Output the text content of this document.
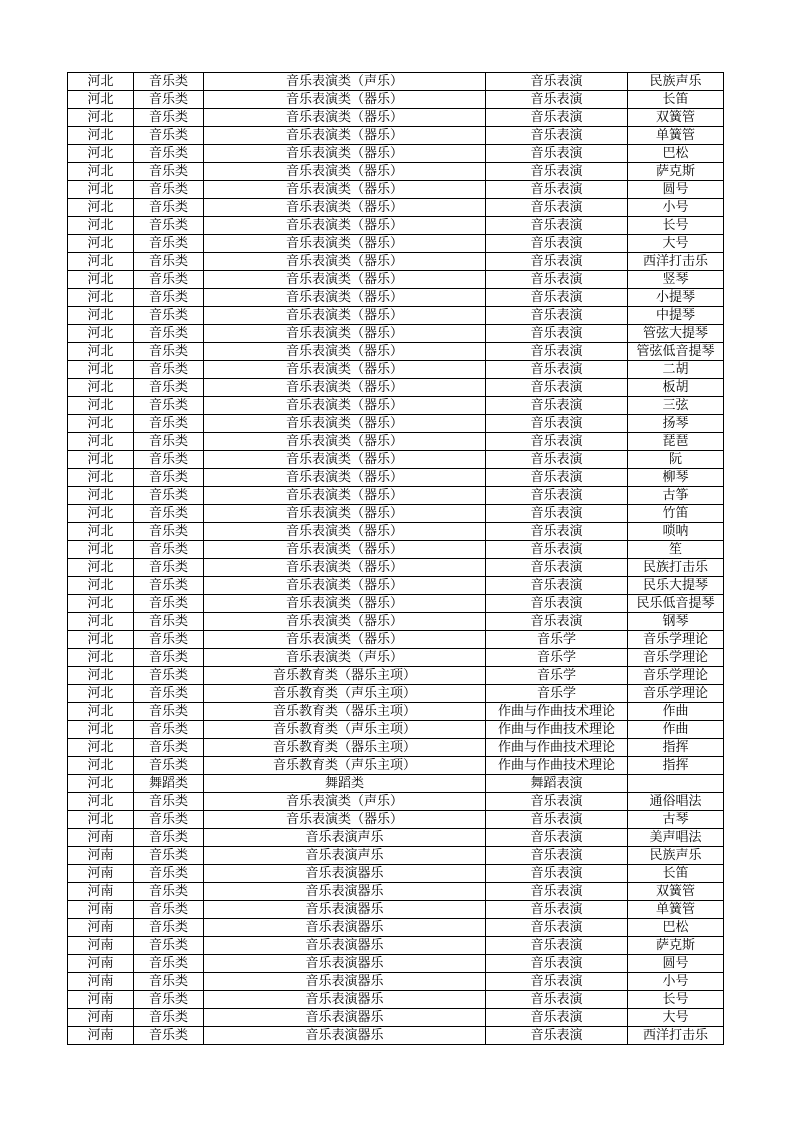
河北	音乐类	音乐表演类（声乐）	音乐表演	民族声乐
河北	音乐类	音乐表演类（器乐）	音乐表演	长笛
河北	音乐类	音乐表演类（器乐）	音乐表演	双簧管
河北	音乐类	音乐表演类（器乐）	音乐表演	单簧管
河北	音乐类	音乐表演类（器乐）	音乐表演	巴松
河北	音乐类	音乐表演类（器乐）	音乐表演	萨克斯
河北	音乐类	音乐表演类（器乐）	音乐表演	圆号
河北	音乐类	音乐表演类（器乐）	音乐表演	小号
河北	音乐类	音乐表演类（器乐）	音乐表演	长号
河北	音乐类	音乐表演类（器乐）	音乐表演	大号
河北	音乐类	音乐表演类（器乐）	音乐表演	西洋打击乐
河北	音乐类	音乐表演类（器乐）	音乐表演	竖琴
河北	音乐类	音乐表演类（器乐）	音乐表演	小提琴
河北	音乐类	音乐表演类（器乐）	音乐表演	中提琴
河北	音乐类	音乐表演类（器乐）	音乐表演	管弦大提琴
河北	音乐类	音乐表演类（器乐）	音乐表演	管弦低音提琴
河北	音乐类	音乐表演类（器乐）	音乐表演	二胡
河北	音乐类	音乐表演类（器乐）	音乐表演	板胡
河北	音乐类	音乐表演类（器乐）	音乐表演	三弦
河北	音乐类	音乐表演类（器乐）	音乐表演	扬琴
河北	音乐类	音乐表演类（器乐）	音乐表演	琵琶
河北	音乐类	音乐表演类（器乐）	音乐表演	阮
河北	音乐类	音乐表演类（器乐）	音乐表演	柳琴
河北	音乐类	音乐表演类（器乐）	音乐表演	古筝
河北	音乐类	音乐表演类（器乐）	音乐表演	竹笛
河北	音乐类	音乐表演类（器乐）	音乐表演	唢呐
河北	音乐类	音乐表演类（器乐）	音乐表演	笙
河北	音乐类	音乐表演类（器乐）	音乐表演	民族打击乐
河北	音乐类	音乐表演类（器乐）	音乐表演	民乐大提琴
河北	音乐类	音乐表演类（器乐）	音乐表演	民乐低音提琴
河北	音乐类	音乐表演类（器乐）	音乐表演	钢琴
河北	音乐类	音乐表演类（器乐）	音乐学	音乐学理论
河北	音乐类	音乐表演类（声乐）	音乐学	音乐学理论
河北	音乐类	音乐教育类（器乐主项）	音乐学	音乐学理论
河北	音乐类	音乐教育类（声乐主项）	音乐学	音乐学理论
河北	音乐类	音乐教育类（器乐主项）	作曲与作曲技术理论	作曲
河北	音乐类	音乐教育类（声乐主项）	作曲与作曲技术理论	作曲
河北	音乐类	音乐教育类（器乐主项）	作曲与作曲技术理论	指挥
河北	音乐类	音乐教育类（声乐主项）	作曲与作曲技术理论	指挥
河北	舞蹈类	舞蹈类	舞蹈表演	
河北	音乐类	音乐表演类（声乐）	音乐表演	通俗唱法
河北	音乐类	音乐表演类（器乐）	音乐表演	古琴
河南	音乐类	音乐表演声乐	音乐表演	美声唱法
河南	音乐类	音乐表演声乐	音乐表演	民族声乐
河南	音乐类	音乐表演器乐	音乐表演	长笛
河南	音乐类	音乐表演器乐	音乐表演	双簧管
河南	音乐类	音乐表演器乐	音乐表演	单簧管
河南	音乐类	音乐表演器乐	音乐表演	巴松
河南	音乐类	音乐表演器乐	音乐表演	萨克斯
河南	音乐类	音乐表演器乐	音乐表演	圆号
河南	音乐类	音乐表演器乐	音乐表演	小号
河南	音乐类	音乐表演器乐	音乐表演	长号
河南	音乐类	音乐表演器乐	音乐表演	大号
河南	音乐类	音乐表演器乐	音乐表演	西洋打击乐
